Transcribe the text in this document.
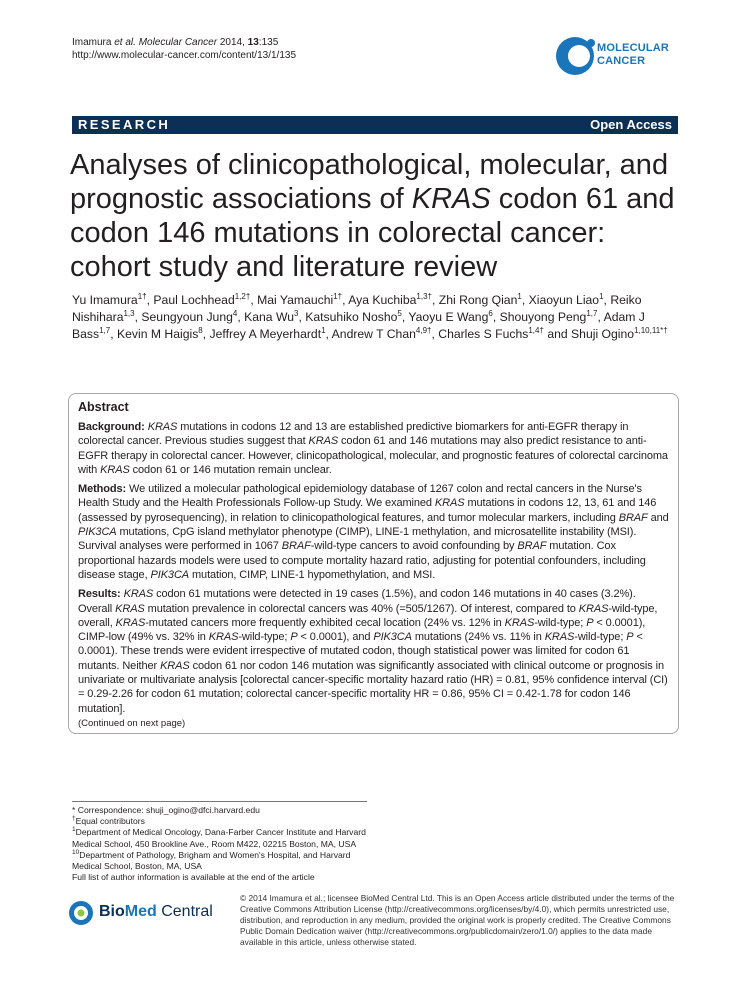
Imamura et al. Molecular Cancer 2014, 13:135
http://www.molecular-cancer.com/content/13/1/135
MOLECULAR
CANCER
RESEARCH	Open Access
Analyses of clinicopathological, molecular, and prognostic associations of KRAS codon 61 and codon 146 mutations in colorectal cancer: cohort study and literature review
Yu Imamura$^{1\dagger}$, Paul Lochhead$^{1,2\dagger}$, Mai Yamauchi$^{1\dagger}$, Aya Kuchiba$^{1,3\dagger}$, Zhi Rong Qian$^1$, Xiaoyun Liao$^1$, Reiko Nishihara$^{1,3}$, Seungyoun Jung$^4$, Kana Wu$^3$, Katsuhiko Nosho$^5$, Yaoyu E Wang$^6$, Shouyong Peng$^{1,7}$, Adam J Bass$^{1,7}$, Kevin M Haigis$^8$, Jeffrey A Meyerhardt$^1$, Andrew T Chan$^{4,9\dagger}$, Charles S Fuchs$^{1,4\dagger}$ and Shuji Ogino$^{1,10,11*\dagger}$
Abstract

Background: KRAS mutations in codons 12 and 13 are established predictive biomarkers for anti-EGFR therapy in colorectal cancer. Previous studies suggest that KRAS codon 61 and 146 mutations may also predict resistance to anti-EGFR therapy in colorectal cancer. However, clinicopathological, molecular, and prognostic features of colorectal carcinoma with KRAS codon 61 or 146 mutation remain unclear.

Methods: We utilized a molecular pathological epidemiology database of 1267 colon and rectal cancers in the Nurse's Health Study and the Health Professionals Follow-up Study. We examined KRAS mutations in codons 12, 13, 61 and 146 (assessed by pyrosequencing), in relation to clinicopathological features, and tumor molecular markers, including BRAF and PIK3CA mutations, CpG island methylator phenotype (CIMP), LINE-1 methylation, and microsatellite instability (MSI). Survival analyses were performed in 1067 BRAF-wild-type cancers to avoid confounding by BRAF mutation. Cox proportional hazards models were used to compute mortality hazard ratio, adjusting for potential confounders, including disease stage, PIK3CA mutation, CIMP, LINE-1 hypomethylation, and MSI.

Results: KRAS codon 61 mutations were detected in 19 cases (1.5%), and codon 146 mutations in 40 cases (3.2%). Overall KRAS mutation prevalence in colorectal cancers was 40% (=505/1267). Of interest, compared to KRAS-wild-type, overall, KRAS-mutated cancers more frequently exhibited cecal location (24% vs. 12% in KRAS-wild-type; P < 0.0001), CIMP-low (49% vs. 32% in KRAS-wild-type; P < 0.0001), and PIK3CA mutations (24% vs. 11% in KRAS-wild-type; P < 0.0001). These trends were evident irrespective of mutated codon, though statistical power was limited for codon 61 mutants. Neither KRAS codon 61 nor codon 146 mutation was significantly associated with clinical outcome or prognosis in univariate or multivariate analysis [colorectal cancer-specific mortality hazard ratio (HR) = 0.81, 95% confidence interval (CI) = 0.29-2.26 for codon 61 mutation; colorectal cancer-specific mortality HR = 0.86, 95% CI = 0.42-1.78 for codon 146 mutation].

(Continued on next page)
* Correspondence: shuji_ogino@dfci.harvard.edu
†Equal contributors
$^1$Department of Medical Oncology, Dana-Farber Cancer Institute and Harvard Medical School, 450 Brookline Ave., Room M422, 02215 Boston, MA, USA
$^{10}$Department of Pathology, Brigham and Women's Hospital, and Harvard Medical School, Boston, MA, USA
Full list of author information is available at the end of the article
BioMed Central
© 2014 Imamura et al.; licensee BioMed Central Ltd. This is an Open Access article distributed under the terms of the Creative Commons Attribution License (http://creativecommons.org/licenses/by/4.0), which permits unrestricted use, distribution, and reproduction in any medium, provided the original work is properly credited. The Creative Commons Public Domain Dedication waiver (http://creativecommons.org/publicdomain/zero/1.0/) applies to the data made available in this article, unless otherwise stated.
